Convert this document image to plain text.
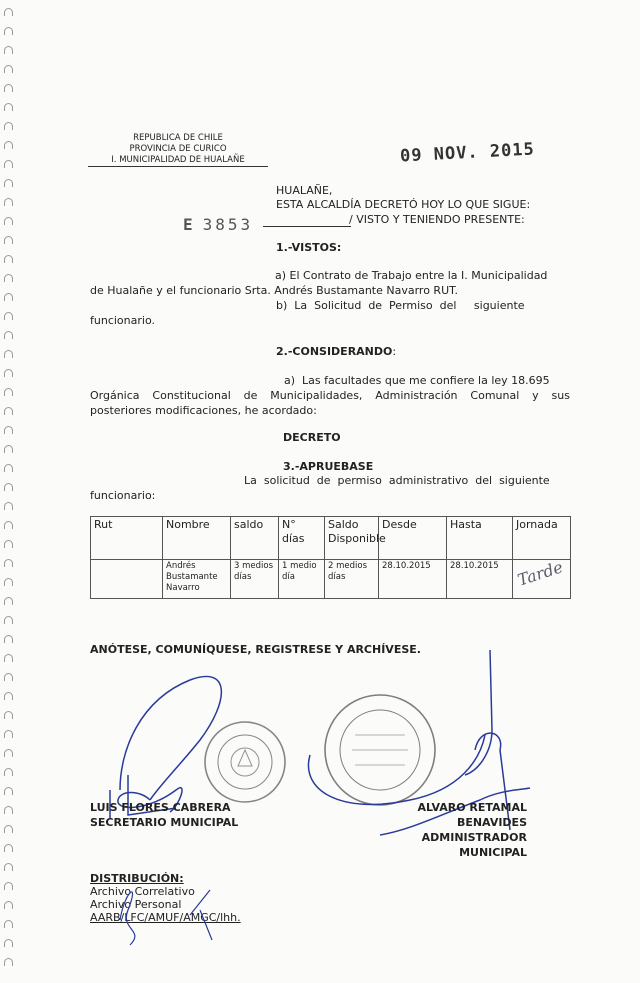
REPUBLICA DE CHILE
PROVINCIA DE CURICO
I. MUNICIPALIDAD DE HUALAÑE	09 NOV. 2015
HUALAÑE,
ESTA ALCALDÍA DECRETÓ HOY LO QUE SIGUE:
E 3853	/ VISTO Y TENIENDO PRESENTE:
1.-VISTOS:
a) El Contrato de Trabajo entre la I. Municipalidad
de Hualañe y el funcionario Srta. Andrés Bustamante Navarro RUT.
b)  La  Solicitud  de  Permiso  del     siguiente
funcionario.
2.-CONSIDERANDO:
a)  Las facultades que me confiere la ley 18.695
Orgánica Constitucional de Municipalidades, Administración Comunal y sus
posteriores modificaciones, he acordado:
DECRETO
3.-APRUEBASE
La  solicitud  de  permiso  administrativo  del  siguiente
funcionario:
Rut	Nombre	saldo	N° días	Saldo Disponible	Desde	Hasta	Jornada
	Andrés Bustamante Navarro	3 medios días	1 medio día	2 medios días	28.10.2015	28.10.2015	Tarde
ANÓTESE, COMUNÍQUESE, REGISTRESE Y ARCHÍVESE.
LUIS FLORES CABRERA
SECRETARIO MUNICIPAL
ALVARO RETAMAL BENAVIDES
ADMINISTRADOR MUNICIPAL
DISTRIBUCIÓN:
Archivo Correlativo
Archivo Personal
AARB/LFC/AMUF/AMGC/lhh.
